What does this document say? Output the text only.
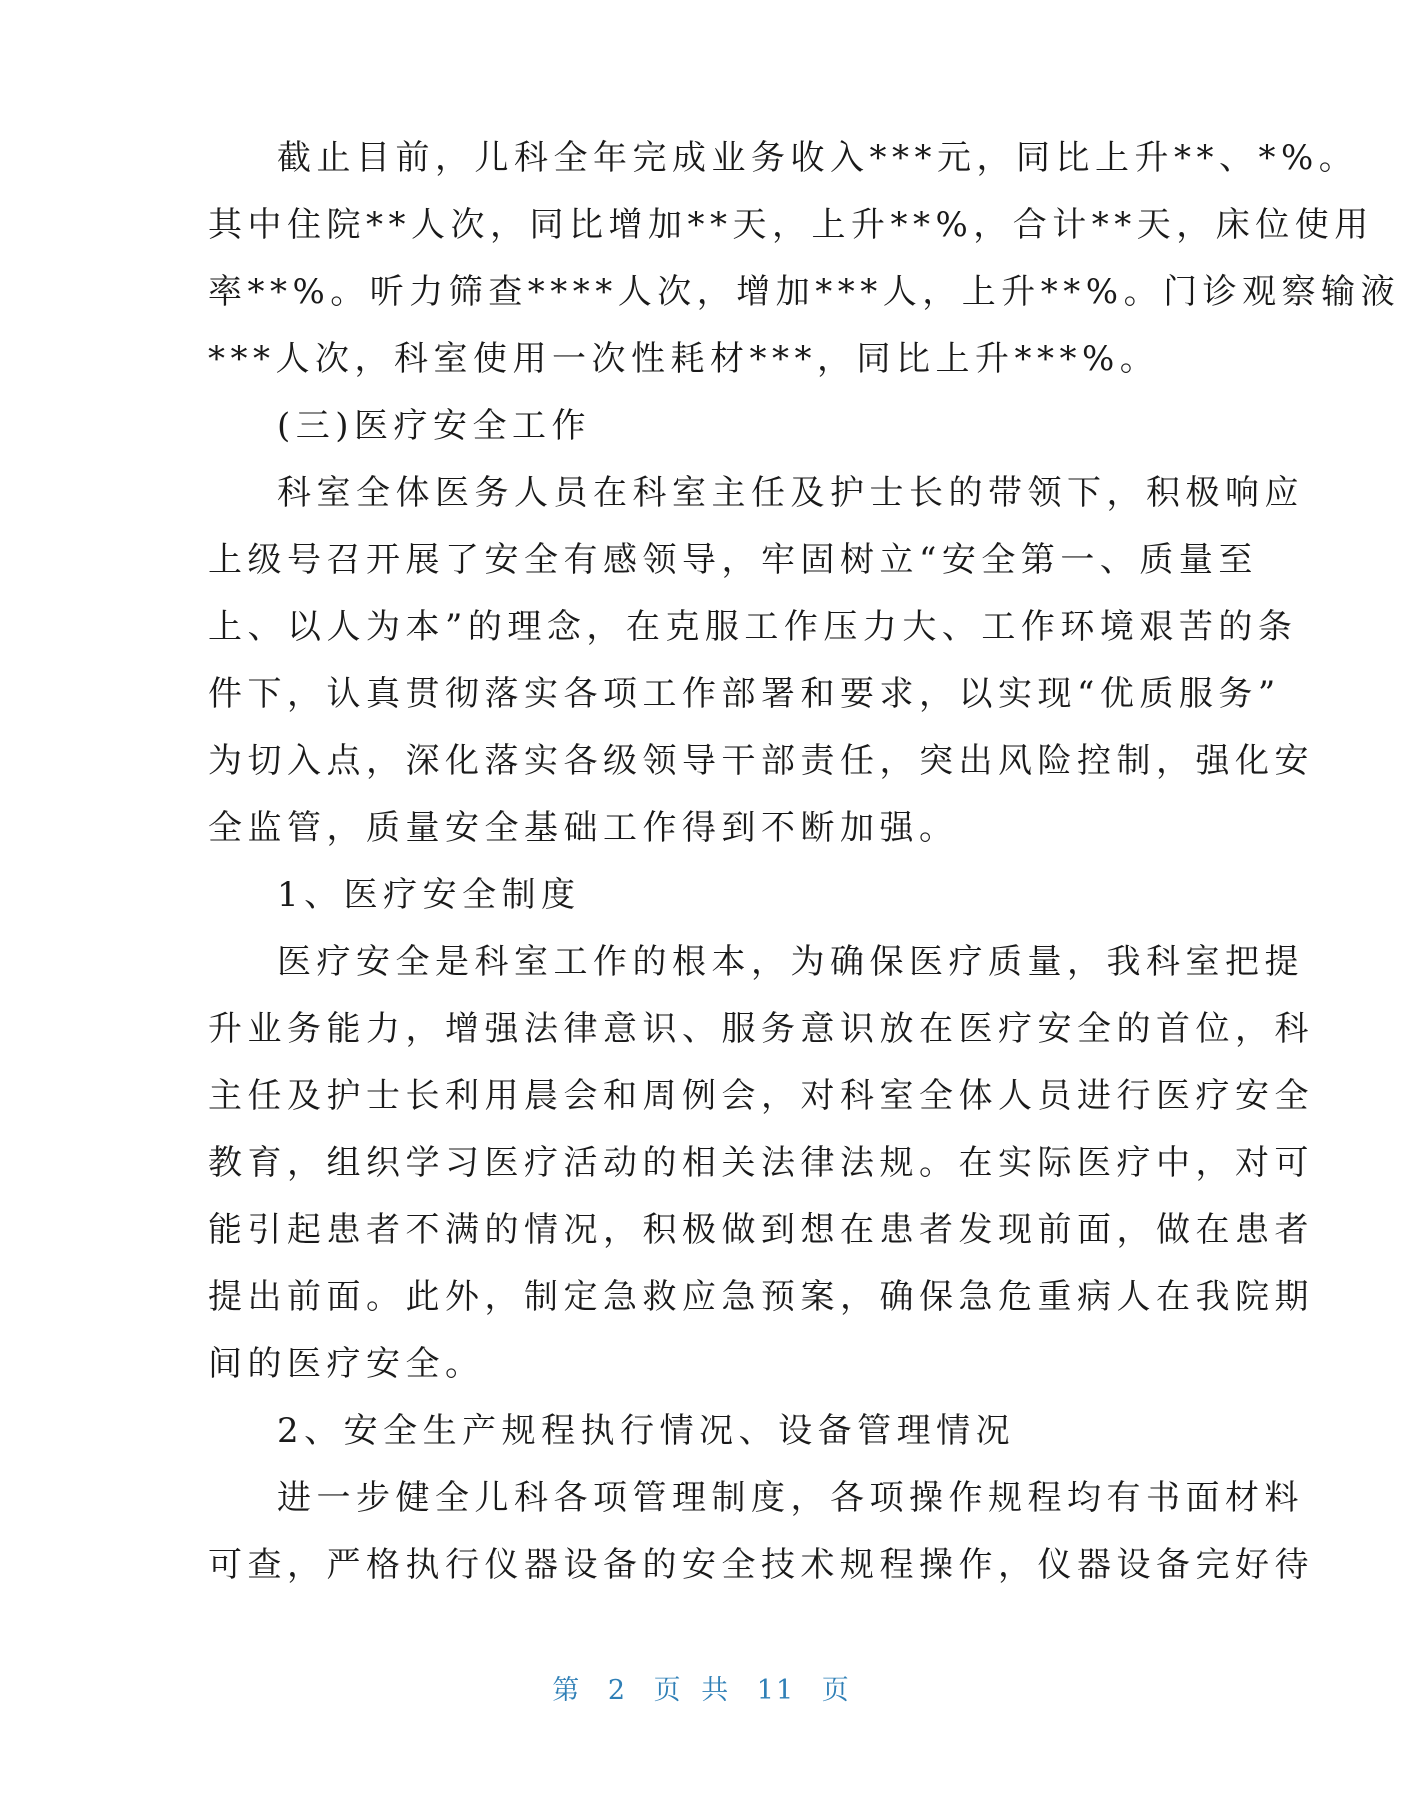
截止目前，儿科全年完成业务收入***元，同比上升**、*%。
其中住院**人次，同比增加**天，上升**%，合计**天，床位使用
率**%。听力筛查****人次，增加***人，上升**%。门诊观察输液
***人次，科室使用一次性耗材***，同比上升***%。
(三)医疗安全工作
科室全体医务人员在科室主任及护士长的带领下，积极响应
上级号召开展了安全有感领导，牢固树立“安全第一、质量至
上、以人为本”的理念，在克服工作压力大、工作环境艰苦的条
件下，认真贯彻落实各项工作部署和要求，以实现“优质服务”
为切入点，深化落实各级领导干部责任，突出风险控制，强化安
全监管，质量安全基础工作得到不断加强。
1、医疗安全制度
医疗安全是科室工作的根本，为确保医疗质量，我科室把提
升业务能力，增强法律意识、服务意识放在医疗安全的首位，科
主任及护士长利用晨会和周例会，对科室全体人员进行医疗安全
教育，组织学习医疗活动的相关法律法规。在实际医疗中，对可
能引起患者不满的情况，积极做到想在患者发现前面，做在患者
提出前面。此外，制定急救应急预案，确保急危重病人在我院期
间的医疗安全。
2、安全生产规程执行情况、设备管理情况
进一步健全儿科各项管理制度，各项操作规程均有书面材料
可查，严格执行仪器设备的安全技术规程操作，仪器设备完好待
第 2 页 共 11 页
